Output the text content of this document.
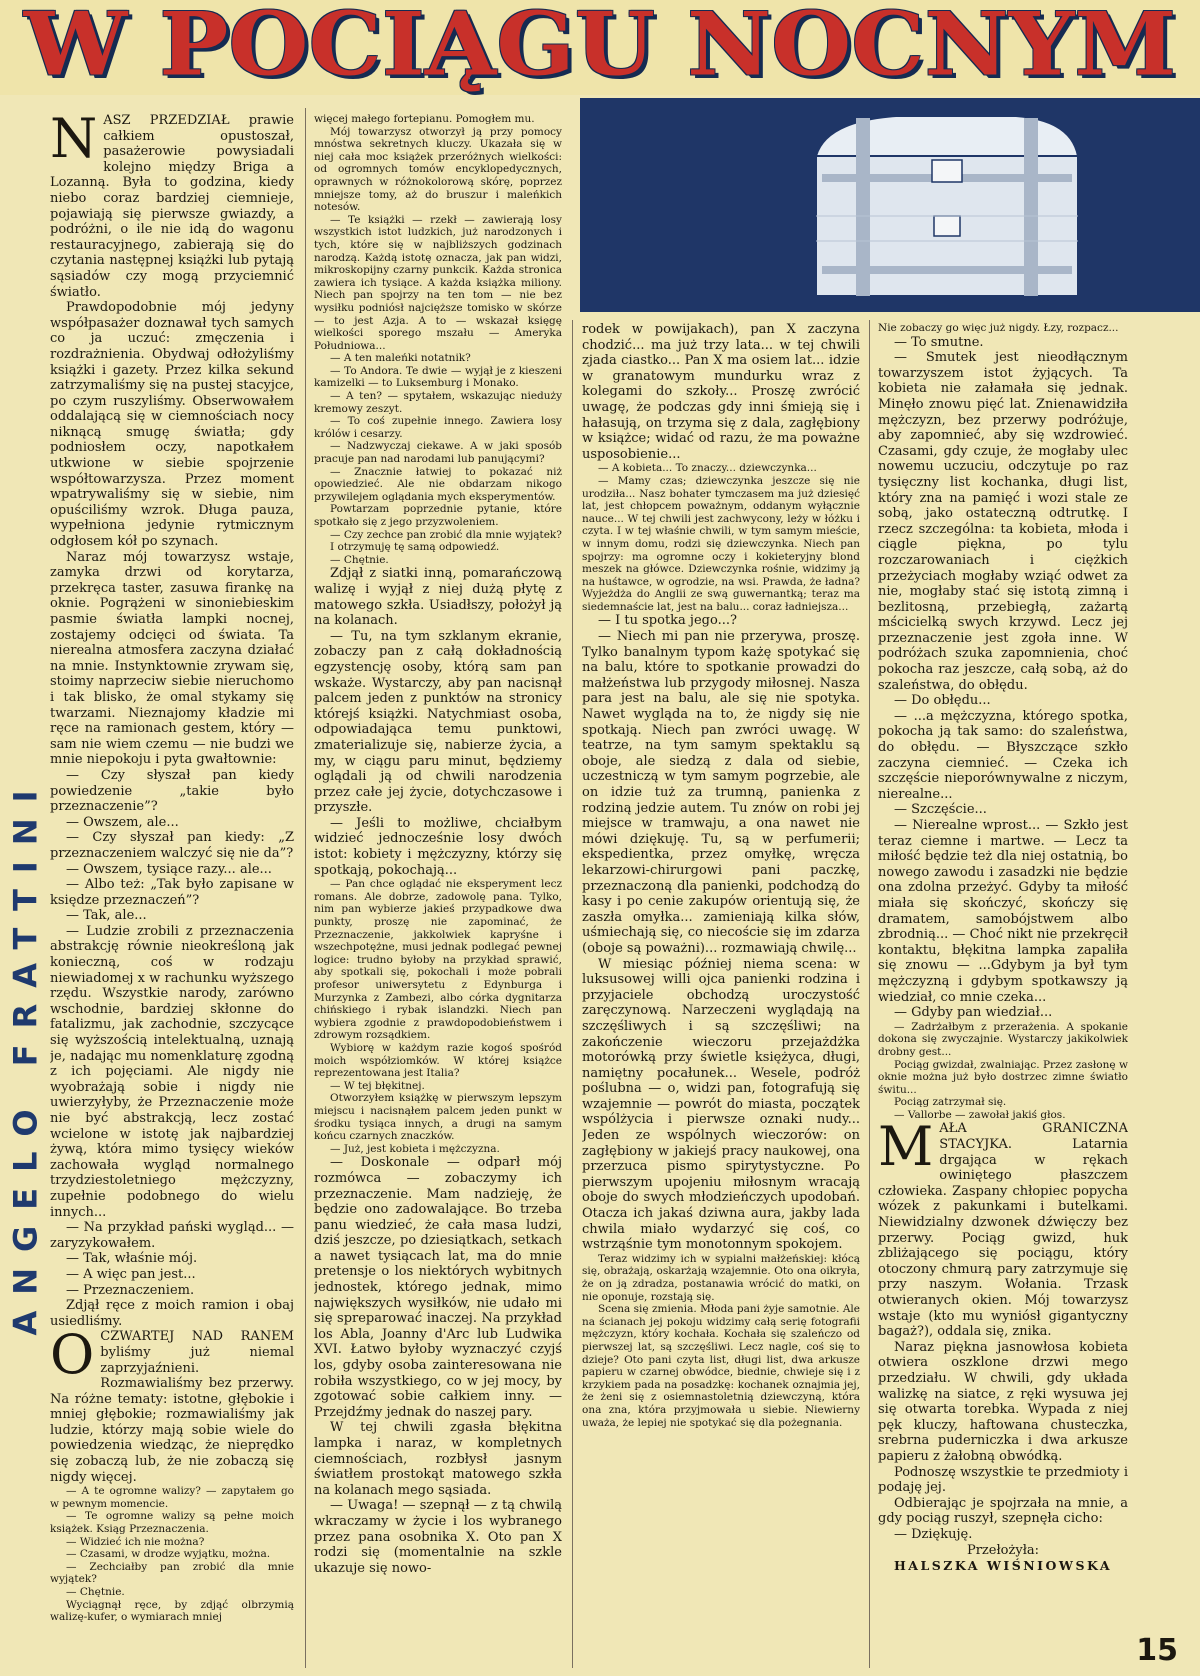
W POCIĄGU NOCNYM
ANGELO FRATTINI

NASZ PRZEDZIAŁ prawie całkiem opustoszał, pasażerowie powysiadali kolejno między Briga a Lozanną. Była to godzina, kiedy niebo coraz bardziej ciemnieje, pojawiają się pierwsze gwiazdy, a podróżni, o ile nie idą do wagonu restauracyjnego, zabierają się do czytania następnej książki lub pytają sąsiadów czy mogą przyciemnić światło.

Prawdopodobnie mój jedyny współpasażer doznawał tych samych co ja uczuć: zmęczenia i rozdrażnienia. Obydwaj odłożyliśmy książki i gazety. Przez kilka sekund zatrzymaliśmy się na pustej stacyjce, po czym ruszyliśmy. Obserwowałem oddalającą się w ciemnościach nocy niknącą smugę światła; gdy podniosłem oczy, napotkałem utkwione w siebie spojrzenie współtowarzysza. Przez moment wpatrywaliśmy się w siebie, nim opuściliśmy wzrok. Długa pauza, wypełniona jedynie rytmicznym odgłosem kół po szynach.

Naraz mój towarzysz wstaje, zamyka drzwi od korytarza, przekręca taster, zasuwa firankę na oknie. Pogrążeni w sinoniebieskim pasmie światła lampki nocnej, zostajemy odcięci od świata. Ta nierealna atmosfera zaczyna działać na mnie. Instynktownie zrywam się, stoimy naprzeciw siebie nieruchomo i tak blisko, że omal stykamy się twarzami. Nieznajomy kładzie mi ręce na ramionach gestem, który — sam nie wiem czemu — nie budzi we mnie niepokoju i pyta gwałtownie:

— Czy słyszał pan kiedy powiedzenie „takie było przeznaczenie”?

— Owszem, ale...

— Czy słyszał pan kiedy: „Z przeznaczeniem walczyć się nie da”?

— Owszem, tysiące razy... ale...

— Albo też: „Tak było zapisane w księdze przeznaczeń”?

— Tak, ale...

— Ludzie zrobili z przeznaczenia abstrakcję równie nieokreśloną jak konieczną, coś w rodzaju niewiadomej x w rachunku wyższego rzędu. Wszystkie narody, zarówno wschodnie, bardziej skłonne do fatalizmu, jak zachodnie, szczycące się wyższością intelektualną, uznają je, nadając mu nomenklaturę zgodną z ich pojęciami. Ale nigdy nie wyobrażają sobie i nigdy nie uwierzyłyby, że Przeznaczenie może nie być abstrakcją, lecz zostać wcielone w istotę jak najbardziej żywą, która mimo tysięcy wieków zachowała wygląd normalnego trzydziestoletniego mężczyzny, zupełnie podobnego do wielu innych...

— Na przykład pański wygląd... — zaryzykowałem.

— Tak, właśnie mój.

— A więc pan jest...

— Przeznaczeniem.

Zdjął ręce z moich ramion i obaj usiedliśmy.

OCZWARTEJ NAD RANEM byliśmy już niemal zaprzyjaźnieni. Rozmawialiśmy bez przerwy. Na różne tematy: istotne, głębokie i mniej głębokie; rozmawialiśmy jak ludzie, którzy mają sobie wiele do powiedzenia wiedząc, że nieprędko się zobaczą lub, że nie zobaczą się nigdy więcej.

— A te ogromne walizy? — zapytałem go w pewnym momencie.

— Te ogromne walizy są pełne moich książek. Ksiąg Przeznaczenia.

— Widzieć ich nie można?

— Czasami, w drodze wyjątku, można.

— Zechciałby pan zrobić dla mnie wyjątek?

— Chętnie.

Wyciągnął ręce, by zdjąć olbrzymią walizę-kufer, o wymiarach mniej

więcej małego fortepianu. Pomogłem mu.

Mój towarzysz otworzył ją przy pomocy mnóstwa sekretnych kluczy. Ukazała się w niej cała moc książek przeróżnych wielkości: od ogromnych tomów encyklopedycznych, oprawnych w różnokolorową skórę, poprzez mniejsze tomy, aż do bruszur i maleńkich notesów.

— Te książki — rzekł — zawierają losy wszystkich istot ludzkich, już narodzonych i tych, które się w najbliższych godzinach narodzą. Każdą istotę oznacza, jak pan widzi, mikroskopijny czarny punkcik. Każda stronica zawiera ich tysiące. A każda książka miliony. Niech pan spojrzy na ten tom — nie bez wysiłku podniósł najcięższe tomisko w skórze — to jest Azja. A to — wskazał księgę wielkości sporego mszału — Ameryka Południowa...

— A ten maleńki notatnik?

— To Andora. Te dwie — wyjął je z kieszeni kamizelki — to Luksemburg i Monako.

— A ten? — spytałem, wskazując nieduży kremowy zeszyt.

— To coś zupełnie innego. Zawiera losy królów i cesarzy.

— Nadzwyczaj ciekawe. A w jaki sposób pracuje pan nad narodami lub panującymi?

— Znacznie łatwiej to pokazać niż opowiedzieć. Ale nie obdarzam nikogo przywilejem oglądania mych eksperymentów.

Powtarzam poprzednie pytanie, które spotkało się z jego przyzwoleniem.

— Czy zechce pan zrobić dla mnie wyjątek?

I otrzymuję tę samą odpowiedź.

— Chętnie.

Zdjął z siatki inną, pomarańczową walizę i wyjął z niej dużą płytę z matowego szkła. Usiadłszy, położył ją na kolanach.

— Tu, na tym szklanym ekranie, zobaczy pan z całą dokładnością egzystencję osoby, którą sam pan wskaże. Wystarczy, aby pan nacisnął palcem jeden z punktów na stronicy którejś książki. Natychmiast osoba, odpowiadająca temu punktowi, zmaterializuje się, nabierze życia, a my, w ciągu paru minut, będziemy oglądali ją od chwili narodzenia przez całe jej życie, dotychczasowe i przyszłe.

— Jeśli to możliwe, chciałbym widzieć jednocześnie losy dwóch istot: kobiety i mężczyzny, którzy się spotkają, pokochają...

— Pan chce oglądać nie eksperyment lecz romans. Ale dobrze, zadowolę pana. Tylko, nim pan wybierze jakieś przypadkowe dwa punkty, proszę nie zapominać, że Przeznaczenie, jakkolwiek kapryśne i wszechpotężne, musi jednak podlegać pewnej logice: trudno byłoby na przykład sprawić, aby spotkali się, pokochali i może pobrali profesor uniwersytetu z Edynburga i Murzynka z Zambezi, albo córka dygnitarza chińskiego i rybak islandzki. Niech pan wybiera zgodnie z prawdopodobieństwem i zdrowym rozsądkiem.

Wybiorę w każdym razie kogoś spośród moich współziomków. W której książce reprezentowana jest Italia?

— W tej błękitnej.

Otworzyłem książkę w pierwszym lepszym miejscu i nacisnąłem palcem jeden punkt w środku tysiąca innych, a drugi na samym końcu czarnych znaczków.

— Już, jest kobieta i mężczyzna.

— Doskonale — odparł mój rozmówca — zobaczymy ich przeznaczenie. Mam nadzieję, że będzie ono zadowalające. Bo trzeba panu wiedzieć, że cała masa ludzi, dziś jeszcze, po dziesiątkach, setkach a nawet tysiącach lat, ma do mnie pretensje o los niektórych wybitnych jednostek, którego jednak, mimo największych wysiłków, nie udało mi się spreparować inaczej. Na przykład los Abla, Joanny d'Arc lub Ludwika XVI. Łatwo byłoby wyznaczyć czyjś los, gdyby osoba zainteresowana nie robiła wszystkiego, co w jej mocy, by zgotować sobie całkiem inny. — Przejdźmy jednak do naszej pary.

W tej chwili zgasła błękitna lampka i naraz, w kompletnych ciemnościach, rozbłysł jasnym światłem prostokąt matowego szkła na kolanach mego sąsiada.

— Uwaga! — szepnął — z tą chwilą wkraczamy w życie i los wybranego przez pana osobnika X. Oto pan X rodzi się (momentalnie na szkle ukazuje się nowo-

rodek w powijakach), pan X zaczyna chodzić... ma już trzy lata... w tej chwili zjada ciastko... Pan X ma osiem lat... idzie w granatowym mundurku wraz z kolegami do szkoły... Proszę zwrócić uwagę, że podczas gdy inni śmieją się i hałasują, on trzyma się z dala, zagłębiony w książce; widać od razu, że ma poważne usposobienie...

— A kobieta... To znaczy... dziewczynka...

— Mamy czas; dziewczynka jeszcze się nie urodziła... Nasz bohater tymczasem ma już dziesięć lat, jest chłopcem poważnym, oddanym wyłącznie nauce... W tej chwili jest zachwycony, leży w łóżku i czyta. I w tej właśnie chwili, w tym samym mieście, w innym domu, rodzi się dziewczynka. Niech pan spojrzy: ma ogromne oczy i kokieteryjny blond meszek na główce. Dziewczynka rośnie, widzimy ją na huśtawce, w ogrodzie, na wsi. Prawda, że ładna? Wyjeżdża do Anglii ze swą guwernantką; teraz ma siedemnaście lat, jest na balu... coraz ładniejsza...

— I tu spotka jego...?

— Niech mi pan nie przerywa, proszę. Tylko banalnym typom każę spotykać się na balu, które to spotkanie prowadzi do małżeństwa lub przygody miłosnej. Nasza para jest na balu, ale się nie spotyka. Nawet wygląda na to, że nigdy się nie spotkają. Niech pan zwróci uwagę. W teatrze, na tym samym spektaklu są oboje, ale siedzą z dala od siebie, uczestniczą w tym samym pogrzebie, ale on idzie tuż za trumną, panienka z rodziną jedzie autem. Tu znów on robi jej miejsce w tramwaju, a ona nawet nie mówi dziękuję. Tu, są w perfumerii; ekspedientka, przez omyłkę, wręcza lekarzowi-chirurgowi pani paczkę, przeznaczoną dla panienki, podchodzą do kasy i po cenie zakupów orientują się, że zaszła omyłka... zamieniają kilka słów, uśmiechają się, co niecoście się im zdarza (oboje są poważni)... rozmawiają chwilę...

W miesiąc później niema scena: w luksusowej willi ojca panienki rodzina i przyjaciele obchodzą uroczystość zaręczynową. Narzeczeni wyglądają na szczęśliwych i są szczęśliwi; na zakończenie wieczoru przejażdżka motorówką przy świetle księżyca, długi, namiętny pocałunek... Wesele, podróż poślubna — o, widzi pan, fotografują się wzajemnie — powrót do miasta, początek wspólżycia i pierwsze oznaki nudy... Jeden ze wspólnych wieczorów: on zagłębiony w jakiejś pracy naukowej, ona przerzuca pismo spirytystyczne. Po pierwszym upojeniu miłosnym wracają oboje do swych młodzieńczych upodobań. Otacza ich jakaś dziwna aura, jakby lada chwila miało wydarzyć się coś, co wstrząśnie tym monotonnym spokojem.

Teraz widzimy ich w sypialni małżeńskiej: kłócą się, obrażają, oskarżają wzajemnie. Oto ona oikryła, że on ją zdradza, postanawia wrócić do matki, on nie oponuje, rozstają się.

Scena się zmienia. Młoda pani żyje samotnie. Ale na ścianach jej pokoju widzimy całą serię fotografii mężczyzn, który kochała. Kochała się szaleńczo od pierwszej lat, są szczęśliwi. Lecz nagle, coś się to dzieje? Oto pani czyta list, długi list, dwa arkusze papieru w czarnej obwódce, biednie, chwieje się i z krzykiem pada na posadzkę: kochanek oznajmia jej, że żeni się z osiemnastoletnią dziewczyną, która ona zna, która przyjmowała u siebie. Niewierny uważa, że lepiej nie spotykać się dla pożegnania.

Nie zobaczy go więc już nigdy. Łzy, rozpacz...

— To smutne.

— Smutek jest nieodłącznym towarzyszem istot żyjących. Ta kobieta nie załamała się jednak. Minęło znowu pięć lat. Znienawidziła mężczyzn, bez przerwy podróżuje, aby zapomnieć, aby się wzdrowieć. Czasami, gdy czuje, że mogłaby ulec nowemu uczuciu, odczytuje po raz tysięczny list kochanka, długi list, który zna na pamięć i wozi stale ze sobą, jako ostateczną odtrutkę. I rzecz szczególna: ta kobieta, młoda i ciągle piękna, po tylu rozczarowaniach i ciężkich przeżyciach mogłaby wziąć odwet za nie, mogłaby stać się istotą zimną i bezlitosną, przebiegłą, zażartą mścicielką swych krzywd. Lecz jej przeznaczenie jest zgoła inne. W podróżach szuka zapomnienia, choć pokocha raz jeszcze, całą sobą, aż do szaleństwa, do obłędu.

— Do obłędu...

— ...a mężczyzna, którego spotka, pokocha ją tak samo: do szaleństwa, do obłędu. — Błyszczące szkło zaczyna ciemnieć. — Czeka ich szczęście nieporównywalne z niczym, nierealne...

— Szczęście...

— Nierealne wprost... — Szkło jest teraz ciemne i martwe. — Lecz ta miłość będzie też dla niej ostatnią, bo nowego zawodu i zasadzki nie będzie ona zdolna przeżyć. Gdyby ta miłość miała się skończyć, skończy się dramatem, samobójstwem albo zbrodnią... — Choć nikt nie przekręcił kontaktu, błękitna lampka zapaliła się znowu — ...Gdybym ja był tym mężczyzną i gdybym spotkawszy ją wiedział, co mnie czeka...

— Gdyby pan wiedział...

— Zadrżałbym z przerażenia. A spokanie dokona się zwyczajnie. Wystarczy jakikolwiek drobny gest...

Pociąg gwizdał, zwalniając. Przez zasłonę w oknie można już było dostrzec zimne światło świtu...

Pociąg zatrzymał się.

— Vallorbe — zawołał jakiś głos.

MAŁA GRANICZNA STACYJKA. Latarnia drgająca w rękach owiniętego płaszczem człowieka. Zaspany chłopiec popycha wózek z pakunkami i butelkami. Niewidzialny dzwonek dźwięczy bez przerwy. Pociąg gwizd, huk zbliżającego się pociągu, który otoczony chmurą pary zatrzymuje się przy naszym. Wołania. Trzask otwieranych okien. Mój towarzysz wstaje (kto mu wyniósł gigantyczny bagaż?), oddala się, znika.

Naraz piękna jasnowłosa kobieta otwiera oszklone drzwi mego przedziału. W chwili, gdy układa walizkę na siatce, z ręki wysuwa jej się otwarta torebka. Wypada z niej pęk kluczy, haftowana chusteczka, srebrna puderniczka i dwa arkusze papieru z żałobną obwódką.

Podnoszę wszystkie te przedmioty i podaję jej.

Odbierając je spojrzała na mnie, a gdy pociąg ruszył, szepnęła cicho:

— Dziękuję.

Przełożyła:

HALSZKA WIŚNIOWSKA

15
